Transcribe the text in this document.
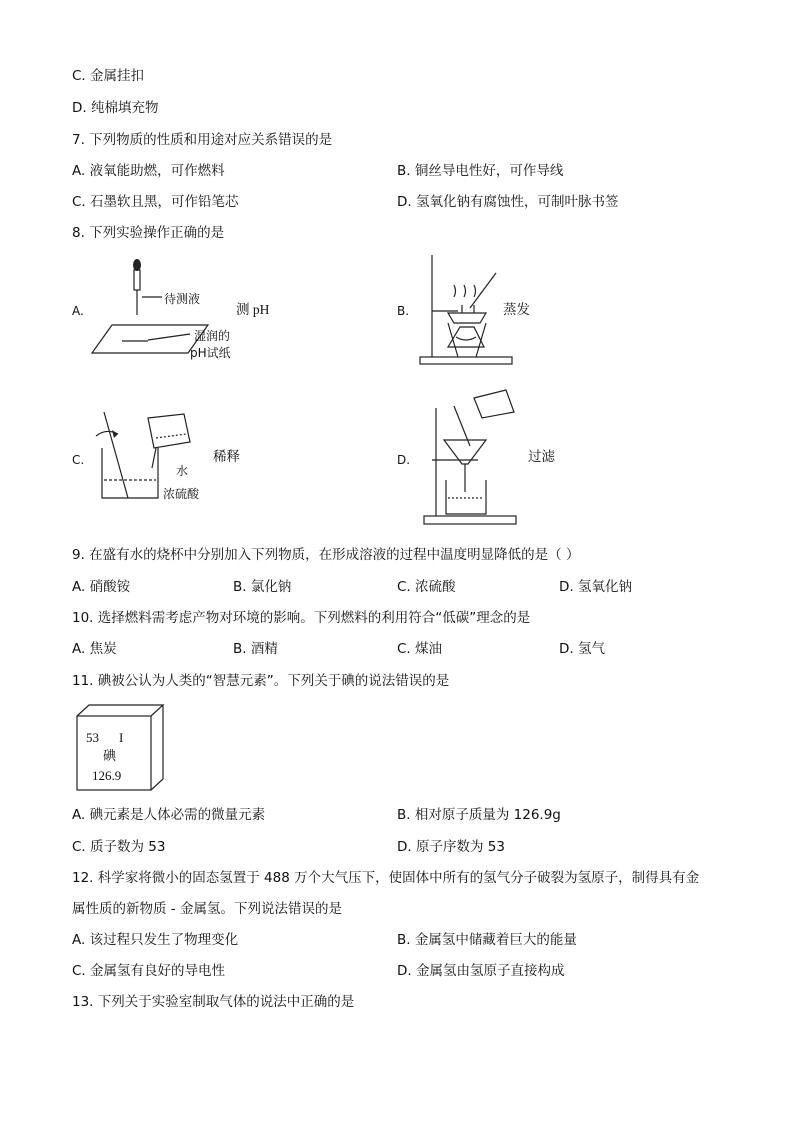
C. 金属挂扣
D. 纯棉填充物
7. 下列物质的性质和用途对应关系错误的是
A. 液氧能助燃，可作燃料	B. 铜丝导电性好，可作导线
C. 石墨软且黑，可作铅笔芯	D. 氢氧化钠有腐蚀性，可制叶脉书签
8. 下列实验操作正确的是
A.
待测液
湿润的
pH试纸
测 pH	B.	蒸发
C.
水
浓硫酸
稀释	D.	过滤
9. 在盛有水的烧杯中分别加入下列物质，在形成溶液的过程中温度明显降低的是（ ）
A. 硝酸铵	B. 氯化钠	C. 浓硫酸	D. 氢氧化钠
10. 选择燃料需考虑产物对环境的影响。下列燃料的利用符合“低碳”理念的是
A. 焦炭	B. 酒精	C. 煤油	D. 氢气
11. 碘被公认为人类的“智慧元素”。下列关于碘的说法错误的是
53 I
碘
126.9
A. 碘元素是人体必需的微量元素	B. 相对原子质量为 126.9g
C. 质子数为 53	D. 原子序数为 53
12. 科学家将微小的固态氢置于 488 万个大气压下，使固体中所有的氢气分子破裂为氢原子，制得具有金
属性质的新物质 - 金属氢。下列说法错误的是
A. 该过程只发生了物理变化	B. 金属氢中储藏着巨大的能量
C. 金属氢有良好的导电性	D. 金属氢由氢原子直接构成
13. 下列关于实验室制取气体的说法中正确的是
